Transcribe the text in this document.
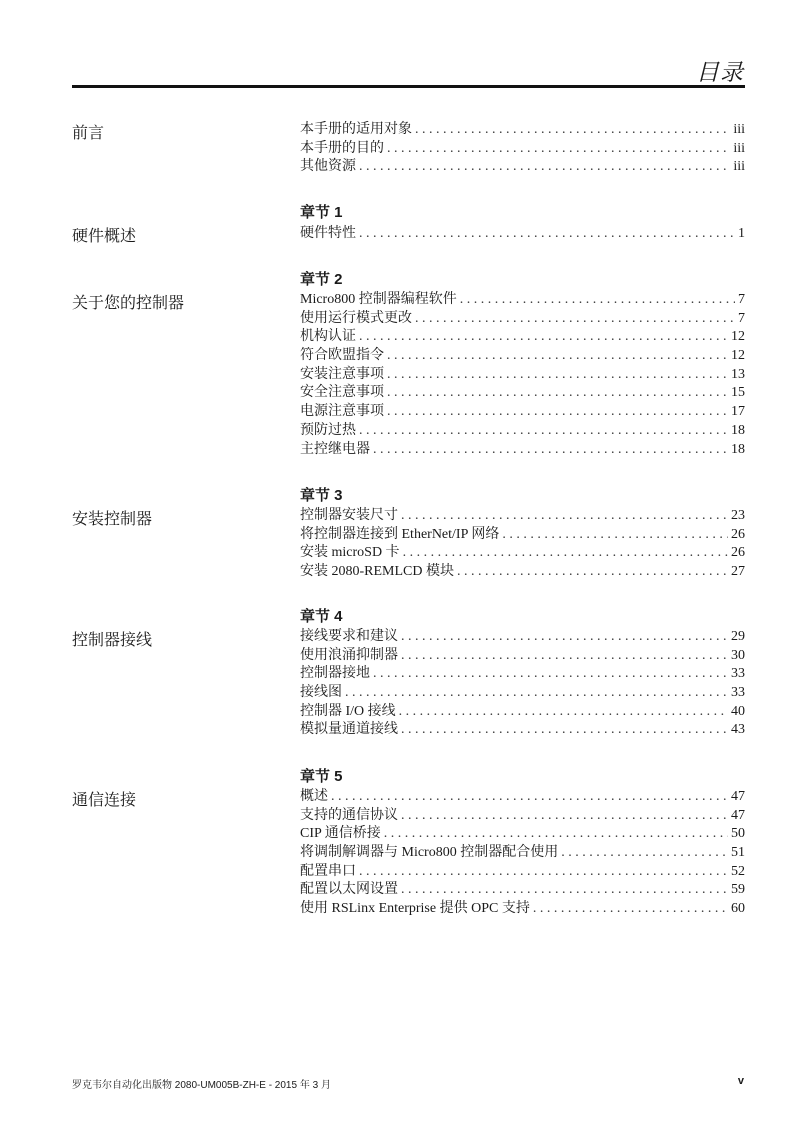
目录
前言	本手册的适用对象 . . .	iii
本手册的目的 . . .	iii
其他资源 . . .	iii
硬件概述
章节 1
硬件特性 . . .	1
关于您的控制器
章节 2
Micro800 控制器编程软件 . . .	7
使用运行模式更改 . . .	7
机构认证 . . .	12
符合欧盟指令 . . .	12
安装注意事项 . . .	13
安全注意事项 . . .	15
电源注意事项 . . .	17
预防过热 . . .	18
主控继电器 . . .	18
安装控制器
章节 3
控制器安装尺寸 . . .	23
将控制器连接到 EtherNet/IP 网络 . . .	26
安装 microSD 卡 . . .	26
安装 2080-REMLCD 模块 . . .	27
控制器接线
章节 4
接线要求和建议 . . .	29
使用浪涌抑制器 . . .	30
控制器接地 . . .	33
接线图 . . .	33
控制器 I/O 接线 . . .	40
模拟量通道接线 . . .	43
通信连接
章节 5
概述 . . .	47
支持的通信协议 . . .	47
CIP 通信桥接 . . .	50
将调制解调器与 Micro800 控制器配合使用 . . .	51
配置串口 . . .	52
配置以太网设置 . . .	59
使用 RSLinx Enterprise 提供 OPC 支持 . . .	60
罗克韦尔自动化出版物 2080-UM005B-ZH-E - 2015 年 3 月	v
